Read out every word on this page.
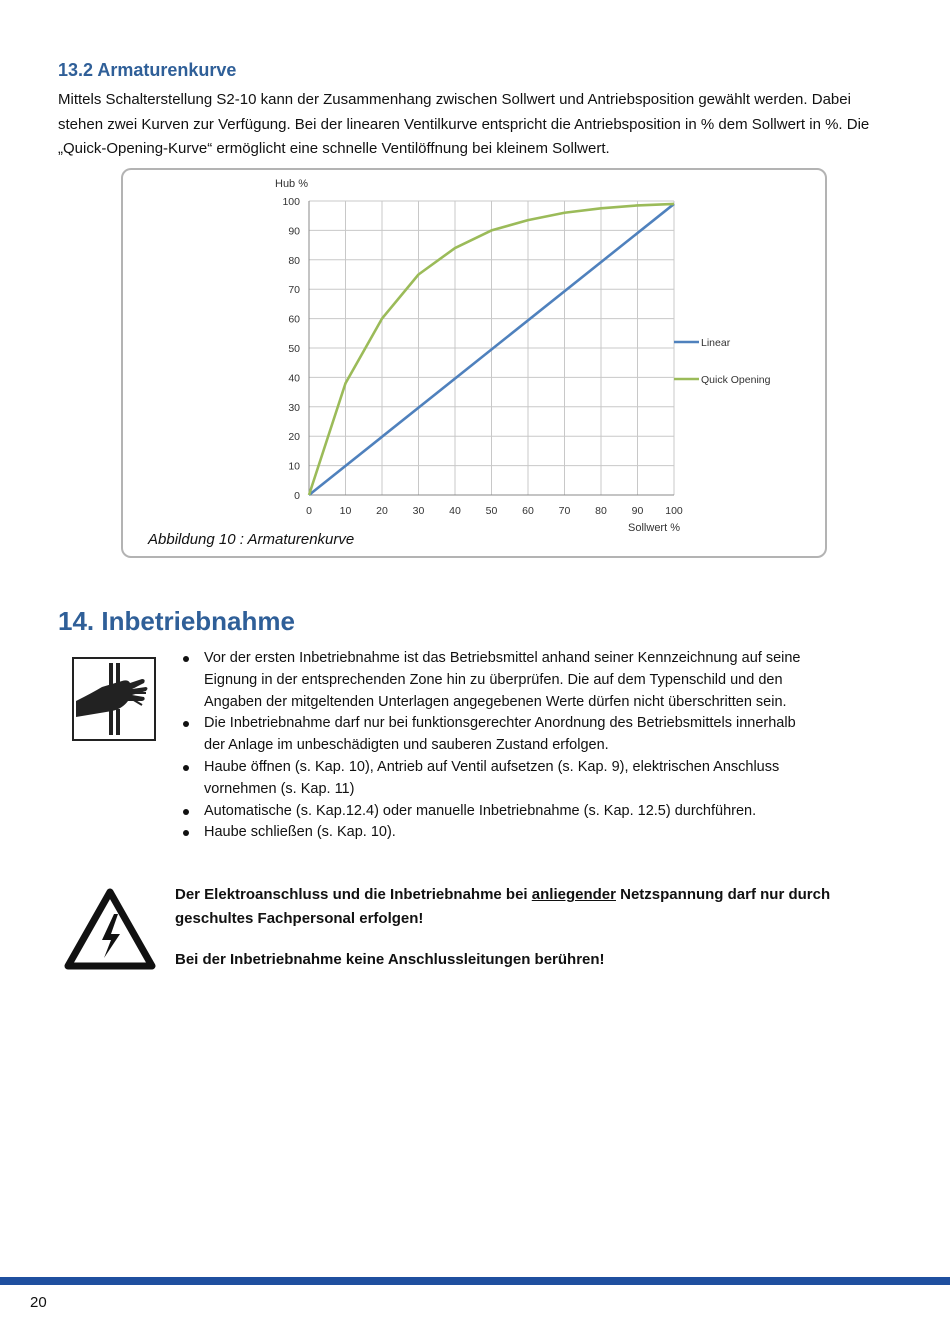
13.2 Armaturenkurve

Mittels Schalterstellung S2-10 kann der Zusammenhang zwischen Sollwert und Antriebsposition gewählt werden. Dabei stehen zwei Kurven zur Verfügung. Bei der linearen Ventilkurve entspricht die Antriebsposition in % dem Sollwert in %. Die „Quick-Opening-Kurve“ ermöglicht eine schnelle Ventilöffnung bei kleinem Sollwert.

0
10
20
30
40
50
60
70
80
90
100
0	10 20 30 40 50 60 70 80 90 100
Hub %
Sollwert %
Linear
Quick Opening

Abbildung 10 : Armaturenkurve

14. Inbetriebnahme
Vor der ersten Inbetriebnahme ist das Betriebsmittel anhand seiner Kennzeichnung auf seine
Eignung in der entsprechenden Zone hin zu überprüfen. Die auf dem Typenschild und den
Angaben der mitgeltenden Unterlagen angegebenen Werte dürfen nicht überschritten sein.
Die Inbetriebnahme darf nur bei funktionsgerechter Anordnung des Betriebsmittels innerhalb
der Anlage im unbeschädigten und sauberen Zustand erfolgen.
Haube öffnen (s. Kap. 10), Antrieb auf Ventil aufsetzen (s. Kap. 9), elektrischen Anschluss
vornehmen (s. Kap. 11)
Automatische (s. Kap.12.4) oder manuelle Inbetriebnahme (s. Kap. 12.5) durchführen.
Haube schließen (s. Kap. 10).

Der Elektroanschluss und die Inbetriebnahme bei anliegender Netzspannung darf nur durch

geschultes Fachpersonal erfolgen!

Bei der Inbetriebnahme keine Anschlussleitungen berühren!

20
